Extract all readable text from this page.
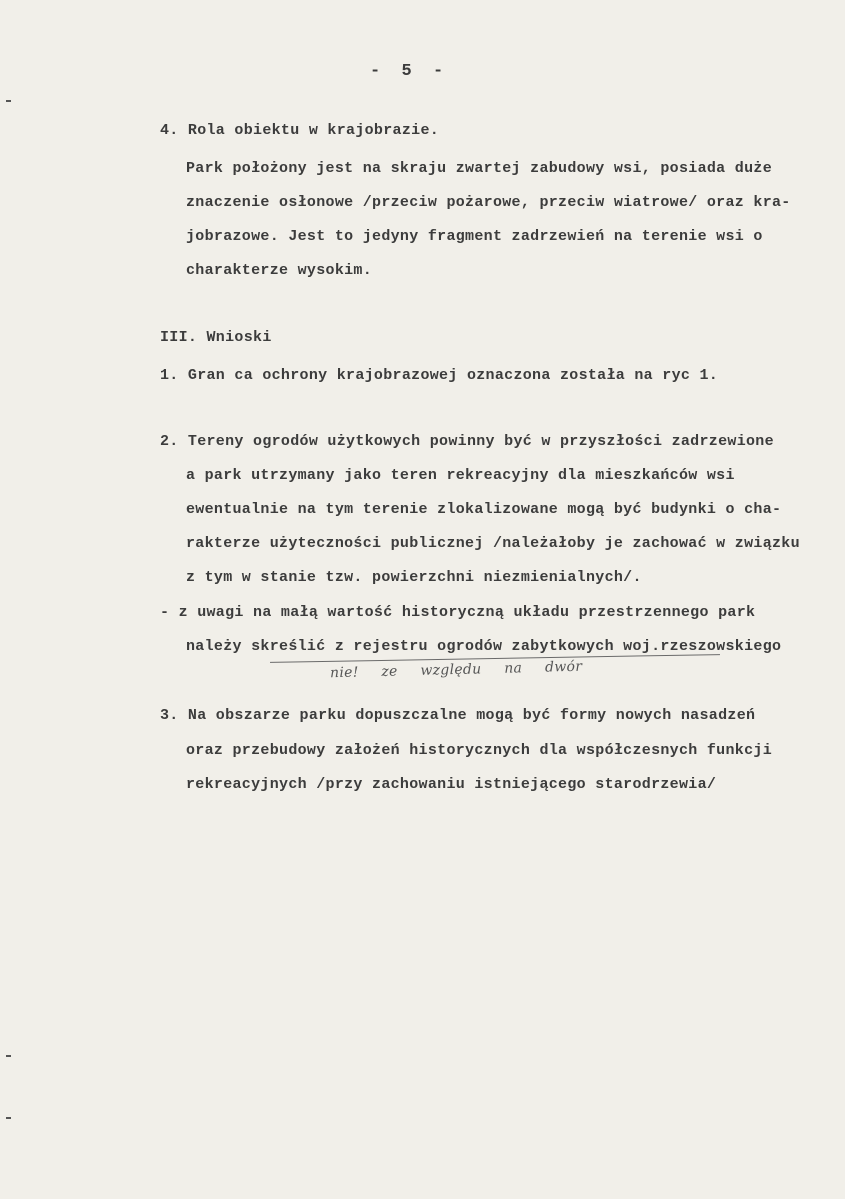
-  5  -
4. Rola obiektu w krajobrazie.
Park położony jest na skraju zwartej zabudowy wsi, posiada duże
znaczenie osłonowe /przeciw pożarowe, przeciw wiatrowe/ oraz kra-
jobrazowe. Jest to jedyny fragment zadrzewień na terenie wsi o
charakterze wysokim.
III. Wnioski
1. Gran ca ochrony krajobrazowej oznaczona została na ryc 1.
2. Tereny ogrodów użytkowych powinny być w przyszłości zadrzewione
a park utrzymany jako teren rekreacyjny dla mieszkańców wsi
ewentualnie na tym terenie zlokalizowane mogą być budynki o cha-
rakterze użyteczności publicznej /należałoby je zachować w związku
z tym w stanie tzw. powierzchni niezmienialnych/.
- z uwagi na małą wartość historyczną układu przestrzennego park
należy skreślić z rejestru ogrodów zabytkowych woj.rzeszowskiego
nie! ze względu na dwór
3. Na obszarze parku dopuszczalne mogą być formy nowych nasadzeń
oraz przebudowy założeń historycznych dla współczesnych funkcji
rekreacyjnych /przy zachowaniu istniejącego starodrzewia/
